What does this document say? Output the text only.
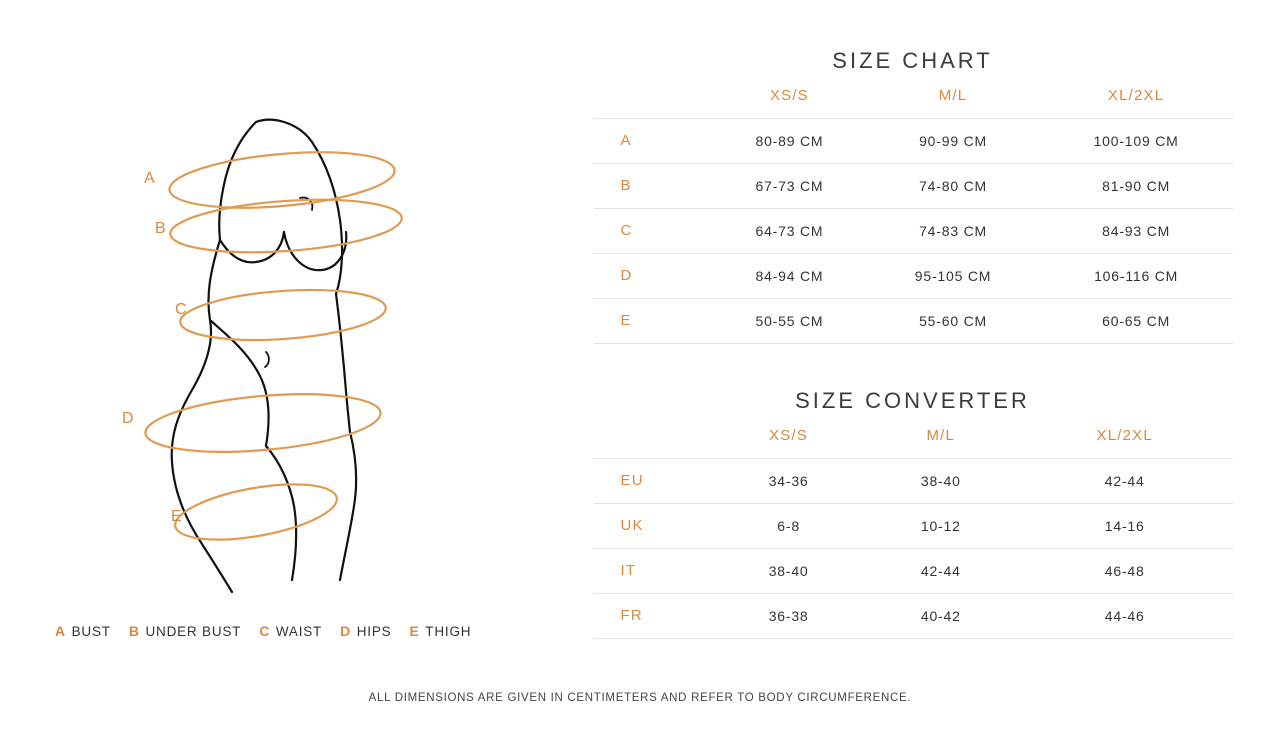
A
B
C
D
E
A BUST B UNDER BUST C WAIST D HIPS E THIGH
SIZE CHART
	XS/S	M/L	XL/2XL
A	80-89 CM	90-99 CM	100-109 CM
B	67-73 CM	74-80 CM	81-90 CM
C	64-73 CM	74-83 CM	84-93 CM
D	84-94 CM	95-105 CM	106-116 CM
E	50-55 CM	55-60 CM	60-65 CM
SIZE CONVERTER
	XS/S	M/L	XL/2XL
EU	34-36	38-40	42-44
UK	6-8	10-12	14-16
IT	38-40	42-44	46-48
FR	36-38	40-42	44-46
ALL DIMENSIONS ARE GIVEN IN CENTIMETERS AND REFER TO BODY CIRCUMFERENCE.
